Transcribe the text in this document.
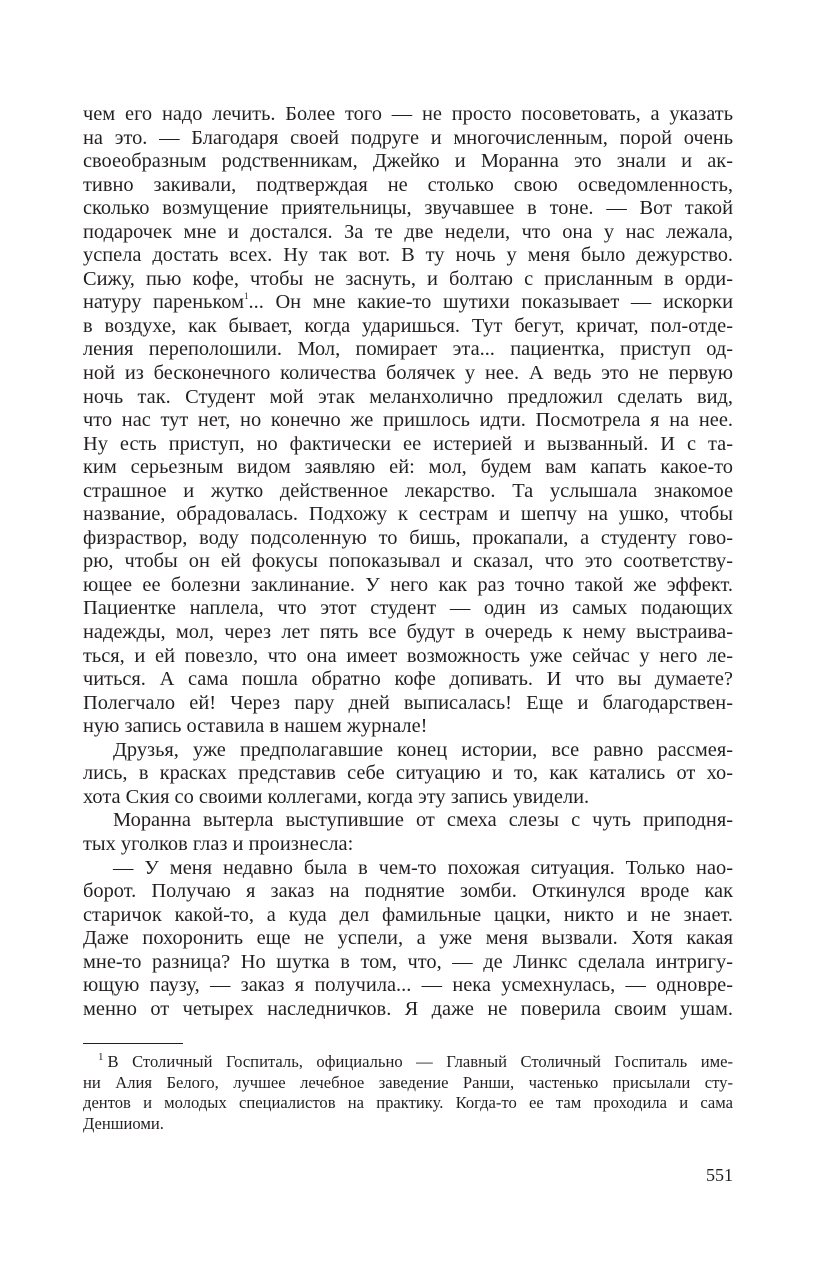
чем его надо лечить. Более того — не просто посоветовать, а указать
на это. — Благодаря своей подруге и многочисленным, порой очень
своеобразным родственникам, Джейко и Моранна это знали и ак-
тивно закивали, подтверждая не столько свою осведомленность,
сколько возмущение приятельницы, звучавшее в тоне. — Вот такой
подарочек мне и достался. За те две недели, что она у нас лежала,
успела достать всех. Ну так вот. В ту ночь у меня было дежурство.
Сижу, пью кофе, чтобы не заснуть, и болтаю с присланным в орди-
натуру пареньком$^1$... Он мне какие-то шутихи показывает — искорки
в воздухе, как бывает, когда ударишься. Тут бегут, кричат, пол-отде-
ления переполошили. Мол, помирает эта... пациентка, приступ од-
ной из бесконечного количества болячек у нее. А ведь это не первую
ночь так. Студент мой этак меланхолично предложил сделать вид,
что нас тут нет, но конечно же пришлось идти. Посмотрела я на нее.
Ну есть приступ, но фактически ее истерией и вызванный. И с та-
ким серьезным видом заявляю ей: мол, будем вам капать какое-то
страшное и жутко действенное лекарство. Та услышала знакомое
название, обрадовалась. Подхожу к сестрам и шепчу на ушко, чтобы
физраствор, воду подсоленную то бишь, прокапали, а студенту гово-
рю, чтобы он ей фокусы попоказывал и сказал, что это соответству-
ющее ее болезни заклинание. У него как раз точно такой же эффект.
Пациентке наплела, что этот студент — один из самых подающих
надежды, мол, через лет пять все будут в очередь к нему выстраива-
ться, и ей повезло, что она имеет возможность уже сейчас у него ле-
читься. А сама пошла обратно кофе допивать. И что вы думаете?
Полегчало ей! Через пару дней выписалась! Еще и благодарствен-
ную запись оставила в нашем журнале!
Друзья, уже предполагавшие конец истории, все равно рассмея-
лись, в красках представив себе ситуацию и то, как катались от хо-
хота Ския со своими коллегами, когда эту запись увидели.
Моранна вытерла выступившие от смеха слезы с чуть приподня-
тых уголков глаз и произнесла:
— У меня недавно была в чем-то похожая ситуация. Только нао-
борот. Получаю я заказ на поднятие зомби. Откинулся вроде как
старичок какой-то, а куда дел фамильные цацки, никто и не знает.
Даже похоронить еще не успели, а уже меня вызвали. Хотя какая
мне-то разница? Но шутка в том, что, — де Линкс сделала интригу-
ющую паузу, — заказ я получила... — нека усмехнулась, — одновре-
менно от четырех наследничков. Я даже не поверила своим ушам.
$^1$ В Столичный Госпиталь, официально — Главный Столичный Госпиталь име-
ни Алия Белого, лучшее лечебное заведение Ранши, частенько присылали сту-
дентов и молодых специалистов на практику. Когда-то ее там проходила и сама
Деншиоми.
551
